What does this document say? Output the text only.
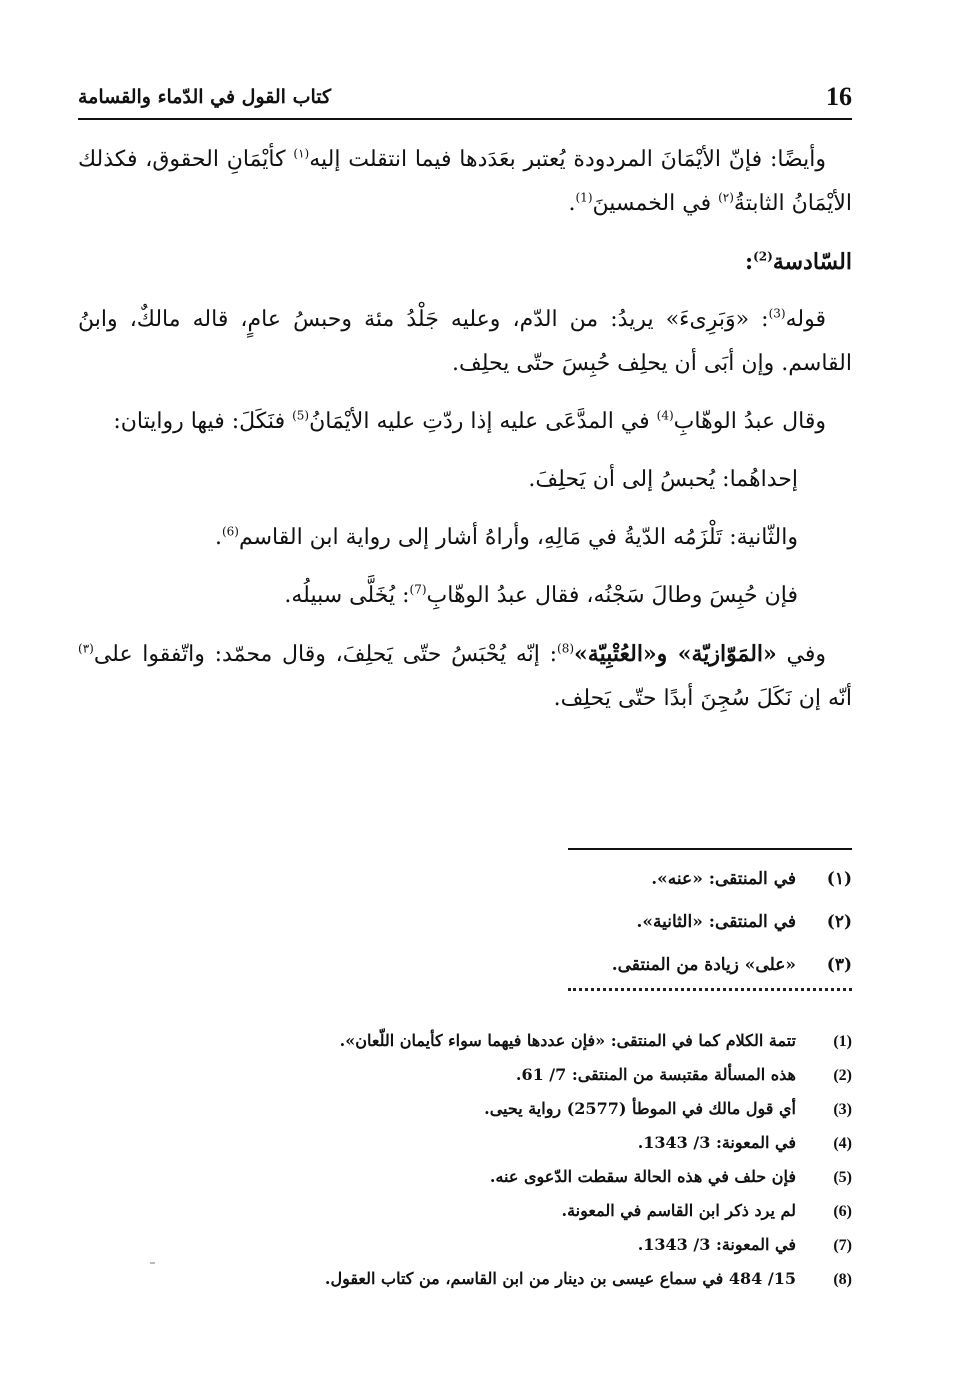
16
كتاب القول في الدّماء والقسامة

وأيضًا: فإنّ الأيْمَانَ المردودة يُعتبر بعَدَدها فيما انتقلت إليه$^{(١)}$ كأيْمَانِ الحقوق، فكذلك الأيْمَانُ الثابتةُ$^{(٢)}$ في الخمسينَ$^{(1)}$.

السّادسة$^{(2)}$:

قوله$^{(3)}$: «وَبَرِىءَ» يريدُ: من الدّم، وعليه جَلْدُ مئة وحبسُ عامٍ، قاله مالكٌ، وابنُ القاسم. وإن أبَى أن يحلِف حُبِسَ حتّى يحلِف.

وقال عبدُ الوهّابِ$^{(4)}$ في المدَّعَى عليه إذا ردّتِ عليه الأيْمَانُ$^{(5)}$ فنَكَلَ: فيها روايتان:

إحداهُما: يُحبسُ إلى أن يَحلِفَ.

والثّانية: تَلْزَمُه الدّيةُ في مَالِهِ، وأراهُ أشار إلى رواية ابن القاسم$^{(6)}$.

فإن حُبِسَ وطالَ سَجْنُه، فقال عبدُ الوهّابِ$^{(7)}$: يُخَلَّى سبيلُه.

وفي «المَوّازيّة» و«العُتْبِيّة»$^{(8)}$: إنّه يُحْبَسُ حتّى يَحلِفَ، وقال محمّد: واتّفقوا على$^{(٣)}$ أنّه إن نَكَلَ سُجِنَ أبدًا حتّى يَحلِف.

(١)
في المنتقى: «عنه».
(٢)
في المنتقى: «الثانية».
(٣)
«على» زيادة من المنتقى.
(1)
تتمة الكلام كما في المنتقى: «فإن عددها فيهما سواء كأيمان اللّعان».
(2)
هذه المسألة مقتبسة من المنتقى: 7/ 61.
(3)
أي قول مالك في الموطأ (2577) رواية يحيى.
(4)
في المعونة: 3/ 1343.
(5)
فإن حلف في هذه الحالة سقطت الدّعوى عنه.
(6)
لم يرد ذكر ابن القاسم في المعونة.
(7)
في المعونة: 3/ 1343.
(8)
15/ 484 في سماع عيسى بن دينار من ابن القاسم، من كتاب العقول.
